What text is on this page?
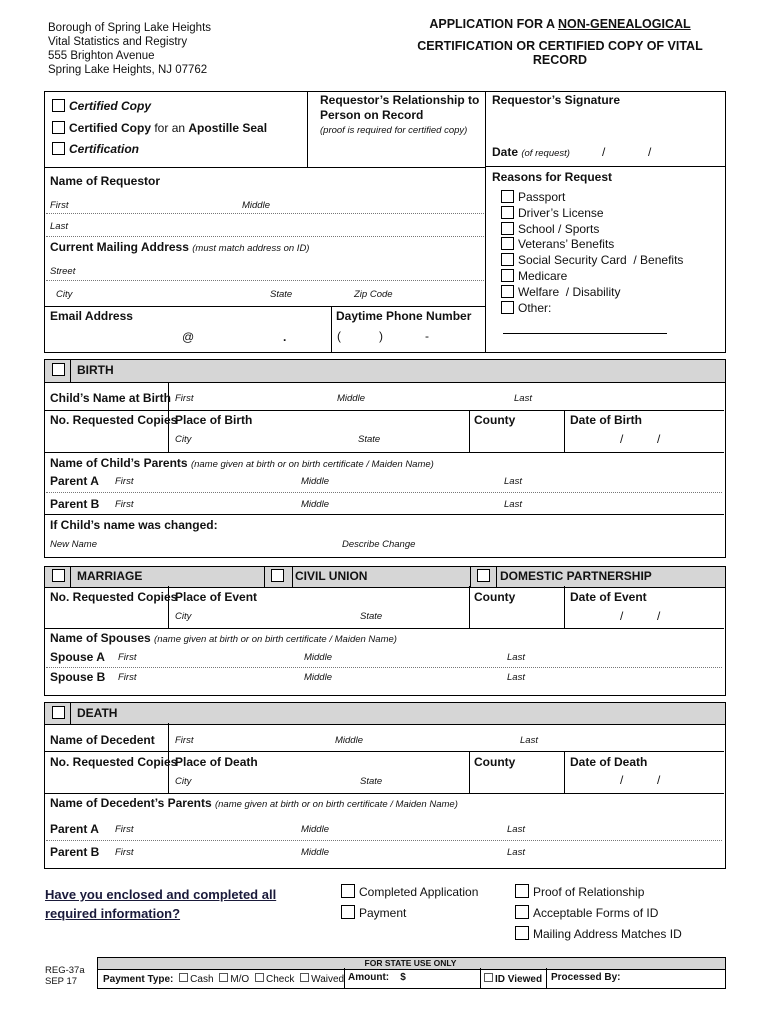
Borough of Spring Lake Heights
Vital Statistics and Registry
555 Brighton Avenue
Spring Lake Heights, NJ 07762
APPLICATION FOR A NON-GENEALOGICAL
CERTIFICATION OR CERTIFIED COPY OF VITAL RECORD
Certified Copy
Certified Copy for an Apostille Seal
Certification
Requestor’s Relationship to Person on Record
(proof is required for certified copy)
Requestor’s Signature
Date (of request)	/	/
Name of Requestor
First	Middle
Last
Current Mailing Address (must match address on ID)
Street
City	State	Zip Code
Email Address
@	.
Daytime Phone Number
(	)	-
Reasons for Request
Passport
Driver’s License
School / Sports
Veterans’ Benefits
Social Security Card  / Benefits
Medicare
Welfare  / Disability
Other:
BIRTH
Child’s Name at Birth First	Middle	Last
No. Requested Copies
Place of Birth	County	Date of Birth
City	State	/	/
Name of Child’s Parents (name given at birth or on birth certificate / Maiden Name)
Parent A First	Middle	Last
Parent B First	Middle	Last
If Child’s name was changed:
New Name	Describe Change
MARRIAGE	CIVIL UNION	DOMESTIC PARTNERSHIP
No. Requested Copies
Place of Event	County	Date of Event
City	State	/	/
Name of Spouses (name given at birth or on birth certificate / Maiden Name)
Spouse A First	Middle	Last
Spouse B First	Middle	Last
DEATH
Name of Decedent First	Middle	Last
No. Requested Copies
Place of Death	County	Date of Death
City	State	/	/
Name of Decedent’s Parents (name given at birth or on birth certificate / Maiden Name)
Parent A First	Middle	Last
Parent B First	Middle	Last
Have you enclosed and completed all
required information?
Completed Application
Payment
Proof of Relationship
Acceptable Forms of ID
Mailing Address Matches ID
REG-37a
SEP 17
FOR STATE USE ONLY
Payment Type: Cash M/O Check Waived Amount: $	ID Viewed Processed By:
